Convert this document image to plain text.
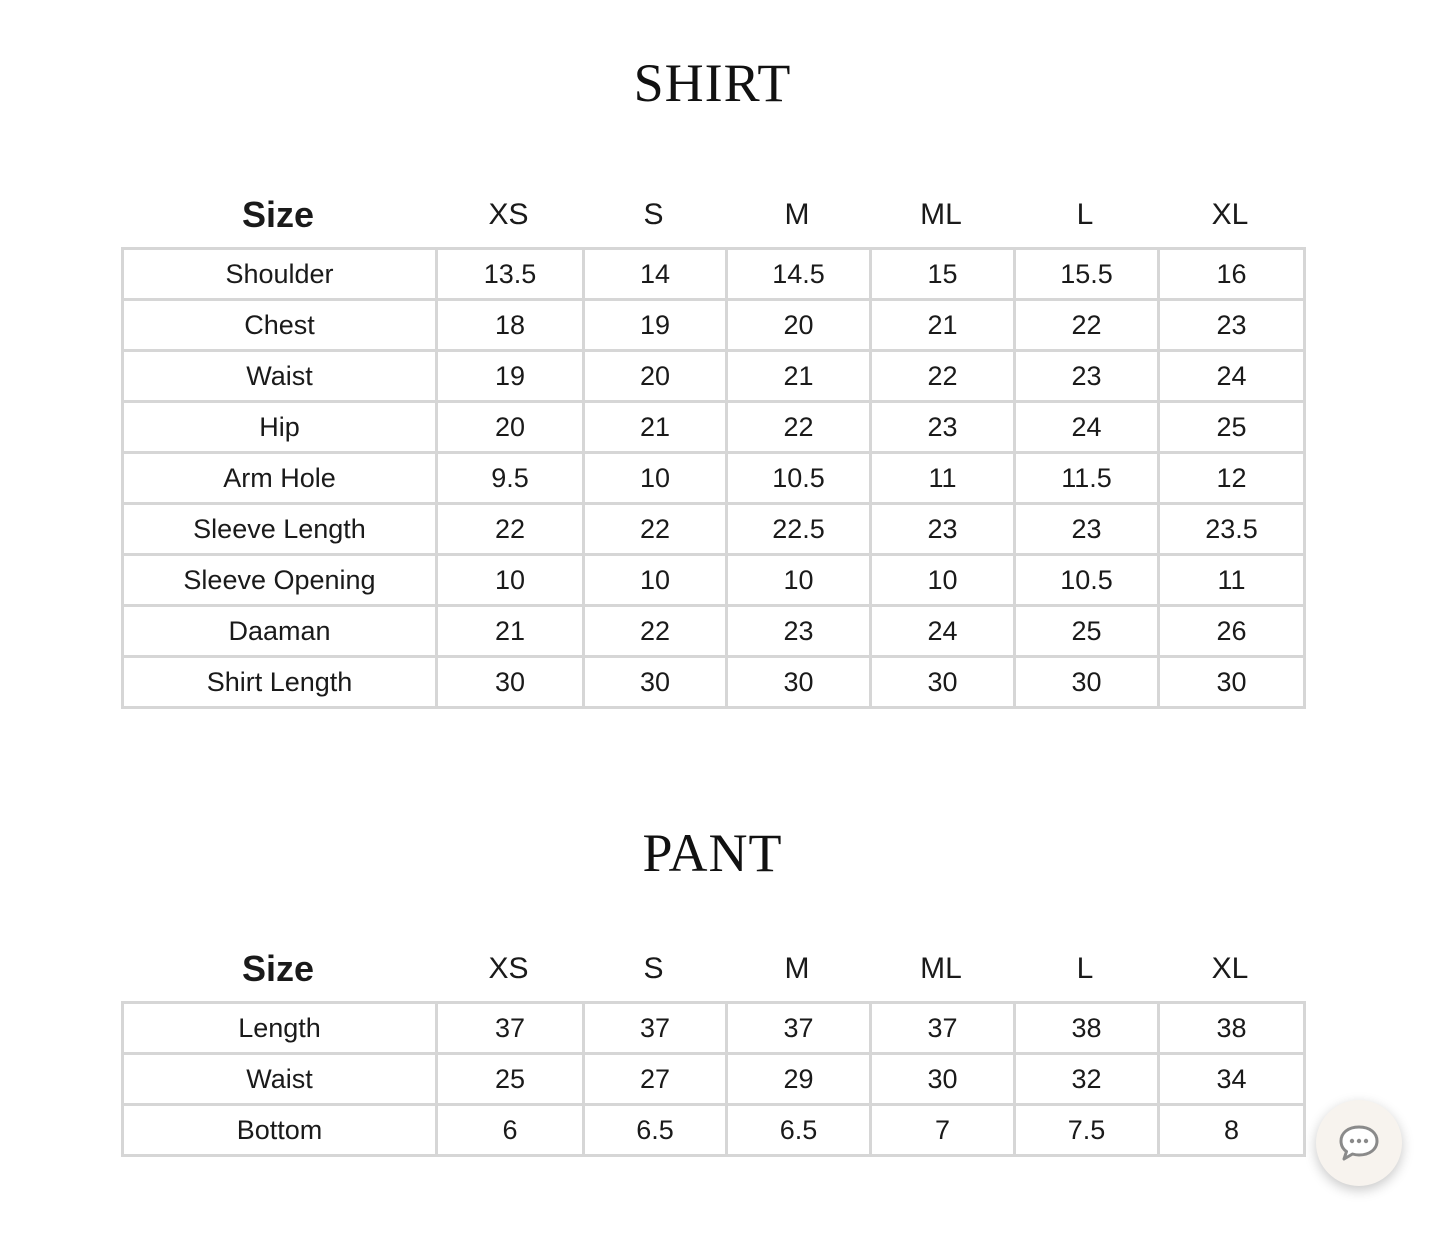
SHIRT
Size	XS	S	M	ML	L	XL
Shoulder	13.5	14	14.5	15	15.5	16
Chest	18	19	20	21	22	23
Waist	19	20	21	22	23	24
Hip	20	21	22	23	24	25
Arm Hole	9.5	10	10.5	11	11.5	12
Sleeve Length	22	22	22.5	23	23	23.5
Sleeve Opening	10	10	10	10	10.5	11
Daaman	21	22	23	24	25	26
Shirt Length	30	30	30	30	30	30
PANT
Size	XS	S	M	ML	L	XL
Length	37	37	37	37	38	38
Waist	25	27	29	30	32	34
Bottom	6	6.5	6.5	7	7.5	8
